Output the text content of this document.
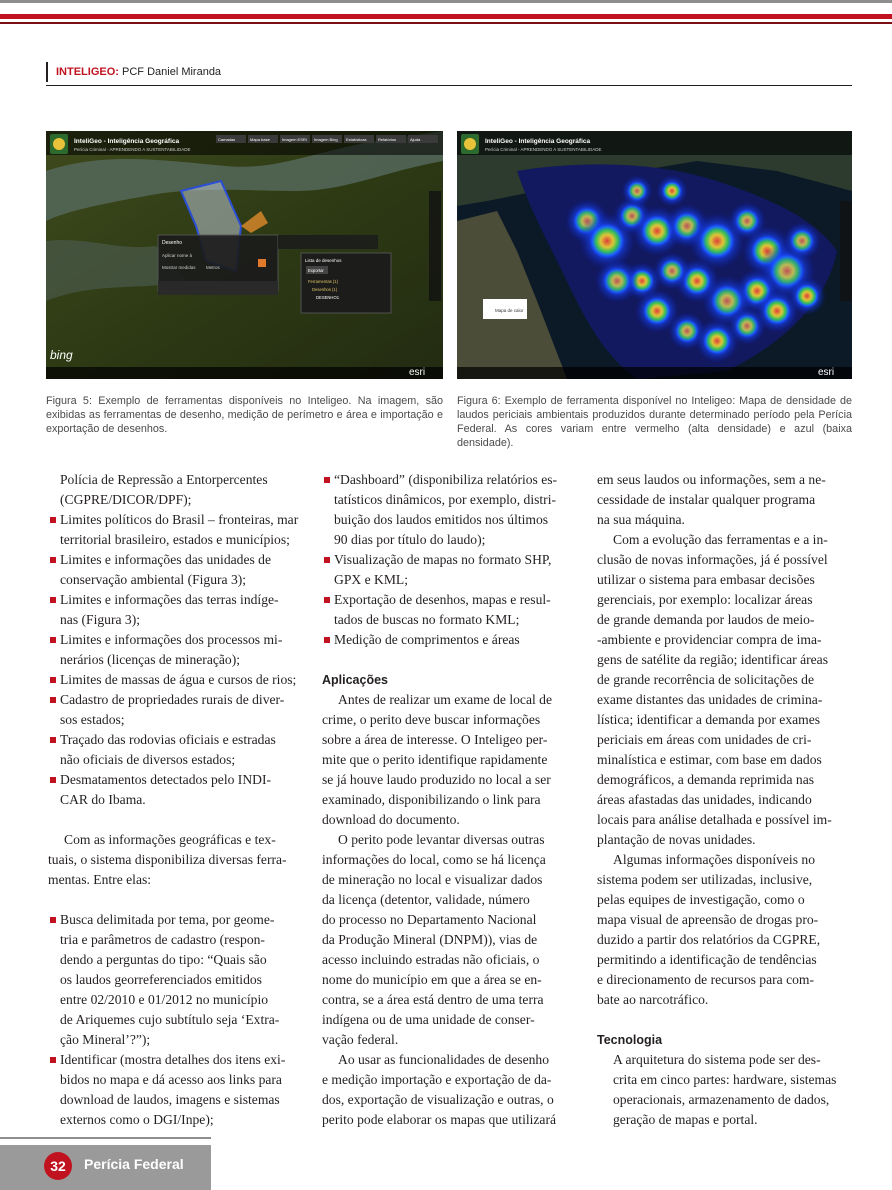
INTELIGEO: PCF Daniel Miranda
InteliGeo - Inteligência Geográfica
Perícia Criminal - APRENDENDO A SUSTENTABILIDADE
Camadas	Mapa base	Imagem ESRI Imagem Bing Estatísticas	Relatórios	Ajuda
Desenho
Aplicar nome à
Mostrar medidas Metros
Lista de desenhos
Exportar
Ferramentas (1)
Desenhos (1)
DESENHO1
bing
esri
InteliGeo - Inteligência Geográfica
Perícia Criminal - APRENDENDO A SUSTENTABILIDADE
Mapa de calor
esri
Figura 5: Exemplo de ferramentas disponíveis no Inteligeo. Na imagem, são exibidas as ferramentas de desenho, medição de perímetro e área e importação e exportação de desenhos.
Figura 6: Exemplo de ferramenta disponível no Inteligeo: Mapa de densidade de laudos periciais ambientais produzidos durante determinado período pela Perícia Federal. As cores variam entre vermelho (alta densidade) e azul (baixa densidade).
Polícia de Repressão a Entorpercentes
(CGPRE/DICOR/DPF);
Limites políticos do Brasil – fronteiras, mar
territorial brasileiro, estados e municípios;
Limites e informações das unidades de
conservação ambiental (Figura 3);
Limites e informações das terras indíge-
nas (Figura 3);
Limites e informações dos processos mi-
nerários (licenças de mineração);
Limites de massas de água e cursos de rios;
Cadastro de propriedades rurais de diver-
sos estados;
Traçado das rodovias oficiais e estradas
não oficiais de diversos estados;
Desmatamentos detectados pelo INDI-
CAR do Ibama.

Com as informações geográficas e tex-
tuais, o sistema disponibiliza diversas ferra-
mentas. Entre elas:

Busca delimitada por tema, por geome-
tria e parâmetros de cadastro (respon-
dendo a perguntas do tipo: “Quais são
os laudos georreferenciados emitidos
entre 02/2010 e 01/2012 no município
de Ariquemes cujo subtítulo seja ‘Extra-
ção Mineral’?”);
Identificar (mostra detalhes dos itens exi-
bidos no mapa e dá acesso aos links para
download de laudos, imagens e sistemas
externos como o DGI/Inpe);
“Dashboard” (disponibiliza relatórios es-
tatísticos dinâmicos, por exemplo, distri-
buição dos laudos emitidos nos últimos
90 dias por título do laudo);
Visualização de mapas no formato SHP,
GPX e KML;
Exportação de desenhos, mapas e resul-
tados de buscas no formato KML;
Medição de comprimentos e áreas
Aplicações
Antes de realizar um exame de local de
crime, o perito deve buscar informações
sobre a área de interesse. O Inteligeo per-
mite que o perito identifique rapidamente
se já houve laudo produzido no local a ser
examinado, disponibilizando o link para
download do documento.
O perito pode levantar diversas outras
informações do local, como se há licença
de mineração no local e visualizar dados
da licença (detentor, validade, número
do processo no Departamento Nacional
da Produção Mineral (DNPM)), vias de
acesso incluindo estradas não oficiais, o
nome do município em que a área se en-
contra, se a área está dentro de uma terra
indígena ou de uma unidade de conser-
vação federal.
Ao usar as funcionalidades de desenho
e medição importação e exportação de da-
dos, exportação de visualização e outras, o
perito pode elaborar os mapas que utilizará
em seus laudos ou informações, sem a ne-
cessidade de instalar qualquer programa
na sua máquina.
Com a evolução das ferramentas e a in-
clusão de novas informações, já é possível
utilizar o sistema para embasar decisões
gerenciais, por exemplo: localizar áreas
de grande demanda por laudos de meio-
-ambiente e providenciar compra de ima-
gens de satélite da região; identificar áreas
de grande recorrência de solicitações de
exame distantes das unidades de crimina-
lística; identificar a demanda por exames
periciais em áreas com unidades de cri-
minalística e estimar, com base em dados
demográficos, a demanda reprimida nas
áreas afastadas das unidades, indicando
locais para análise detalhada e possível im-
plantação de novas unidades.
Algumas informações disponíveis no
sistema podem ser utilizadas, inclusive,
pelas equipes de investigação, como o
mapa visual de apreensão de drogas pro-
duzido a partir dos relatórios da CGPRE,
permitindo a identificação de tendências
e direcionamento de recursos para com-
bate ao narcotráfico.
Tecnologia

A arquitetura do sistema pode ser des-
crita em cinco partes: hardware, sistemas
operacionais, armazenamento de dados,
geração de mapas e portal.

32	Perícia Federal
